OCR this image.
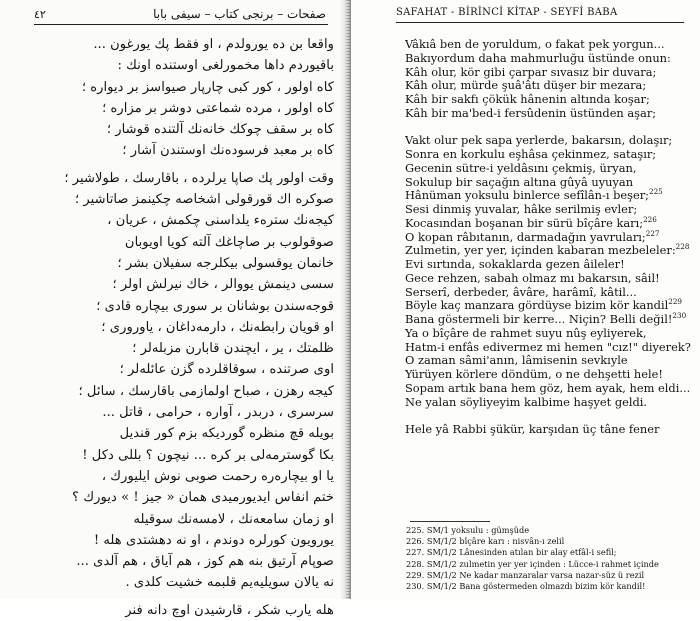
٤٢	صفحات – برنجی کتاب – سیفی بابا
واقعا بن ده یورولدم ، او فقط پك یورغون ...
باقیوردم داها مخمورلغی اوستنده اونك :
کاه اولور ، کور کبی چارپار صیواسز بر دیواره ؛
کاه اولور ، مرده شماعتی دوشر بر مزاره ؛
کاه بر سقف چوکك خانه‌نك آلتنده قوشار ؛
کاه بر معبد فرسوده‌نك اوستندن آشار ؛
وقت اولور پك صاپا یرلرده ، باقارسك ، طولاشیر ؛
صوکره اك قورقولی اشخاصه چکینمز صاتاشیر ؛
کیجه‌نك ستره‌ء یلداسنی چکمش ، عریان ،
صوقولوب بر صاچاغك آلته کویا اویوبان
خانمان یوقسولی بیکلرجه سفیلان بشر ؛
سسی دینمش یووالر ، خاك نیرلش اولر ؛
قوجه‌سندن بوشانان بر سوری بیچاره قادی ؛
او قویان رابطه‌نك ، دارمه‌داغان ، یاوروری ؛
ظلمتك ، یر ، ایچندن قابارن مزبله‌لر ؛
اوی صرتنده ، سوقاقلرده گزن عائله‌لر ؛
کیجه رهزن ، صباح اولمازمی باقارسك ، سائل ؛
سرسری ، دربدر ، آواره ، حرامی ، قاتل ...
بویله قچ منظره گوردیکه بزم کور قندیل
بکا گوسترمه‌لی بر کره ... نیچون ؟ بللی دکل !
یا او بیچاره‌ره رحمت صوبی نوش ایلیورك ،
ختم انفاس ایدیورمیدی همان « جیز ! » دیورك ؟
او زمان سامعه‌نك ، لامسه‌نك سوقیله
یورویون کورلره دوندم ، او نه دهشتدی هله !
صوپام آرتیق بنه هم کوز ، هم آیاق ، هم آلدی ...
نه یالان سویلیه‌یم قلبمه خشیت کلدی .
هله یارب شکر ، قارشیدن اوچ دانه فنر
SAFAHAT - BİRİNCİ KİTAP - SEYFİ BABA
Vâkıâ ben de yoruldum, o fakat pek yorgun...
Bakıyordum daha mahmurluğu üstünde onun:
Kâh olur, kör gibi çarpar sıvasız bir duvara;
Kâh olur, mürde şuâ'âtı düşer bir mezara;
Kâh bir sakfı çökük hânenin altında koşar;
Kâh bir ma'bed-i fersûdenin üstünden aşar;
Vakt olur pek sapa yerlerde, bakarsın, dolaşır;
Sonra en korkulu eşhâsa çekinmez, sataşır;
Gecenin sütre-i yeldâsını çekmiş, üryan,
Sokulup bir saçağın altına gûyâ uyuyan
Hânüman yoksulu binlerce sefîlân-ı beşer;$^{225}$
Sesi dinmiş yuvalar, hâke serilmiş evler;
Kocasından boşanan bir sürü bîçâre karı;$^{226}$
O kopan râbıtanın, darmadağın yavruları;$^{227}$
Zulmetin, yer yer, içinden kabaran mezbeleler:$^{228}$
Evi sırtında, sokaklarda gezen âileler!
Gece rehzen, sabah olmaz mı bakarsın, sâil!
Serserî, derbeder, âvâre, harâmî, kâtil...
Böyle kaç manzara gördüyse bizim kör kandil$^{229}$
Bana göstermeli bir kerre... Niçin? Belli değil!$^{230}$
Ya o bîçâre de rahmet suyu nûş eyliyerek,
Hatm-i enfâs edivermez mi hemen "cız!" diyerek?
O zaman sâmi'anın, lâmisenin sevkıyle
Yürüyen körlere döndüm, o ne dehşetti hele!
Sopam artık bana hem göz, hem ayak, hem eldi...
Ne yalan söyliyeyim kalbime haşyet geldi.
Hele yâ Rabbi şükür, karşıdan üç tâne fener
225. SM/1 yoksulu : gümşüde
226. SM/1/2 bîçâre karı : nisvân-ı zelil
227. SM/1/2 Lânesinden atılan bir alay etfâl-i sefil;
228. SM/1/2 zulmetin yer yer içinden : Lücce-i rahmet içinde
229. SM/1/2 Ne kadar manzaralar varsa nazar-süz ü rezil
230. SM/1/2 Bana göstermeden olmazdı bizim kör kandil!
